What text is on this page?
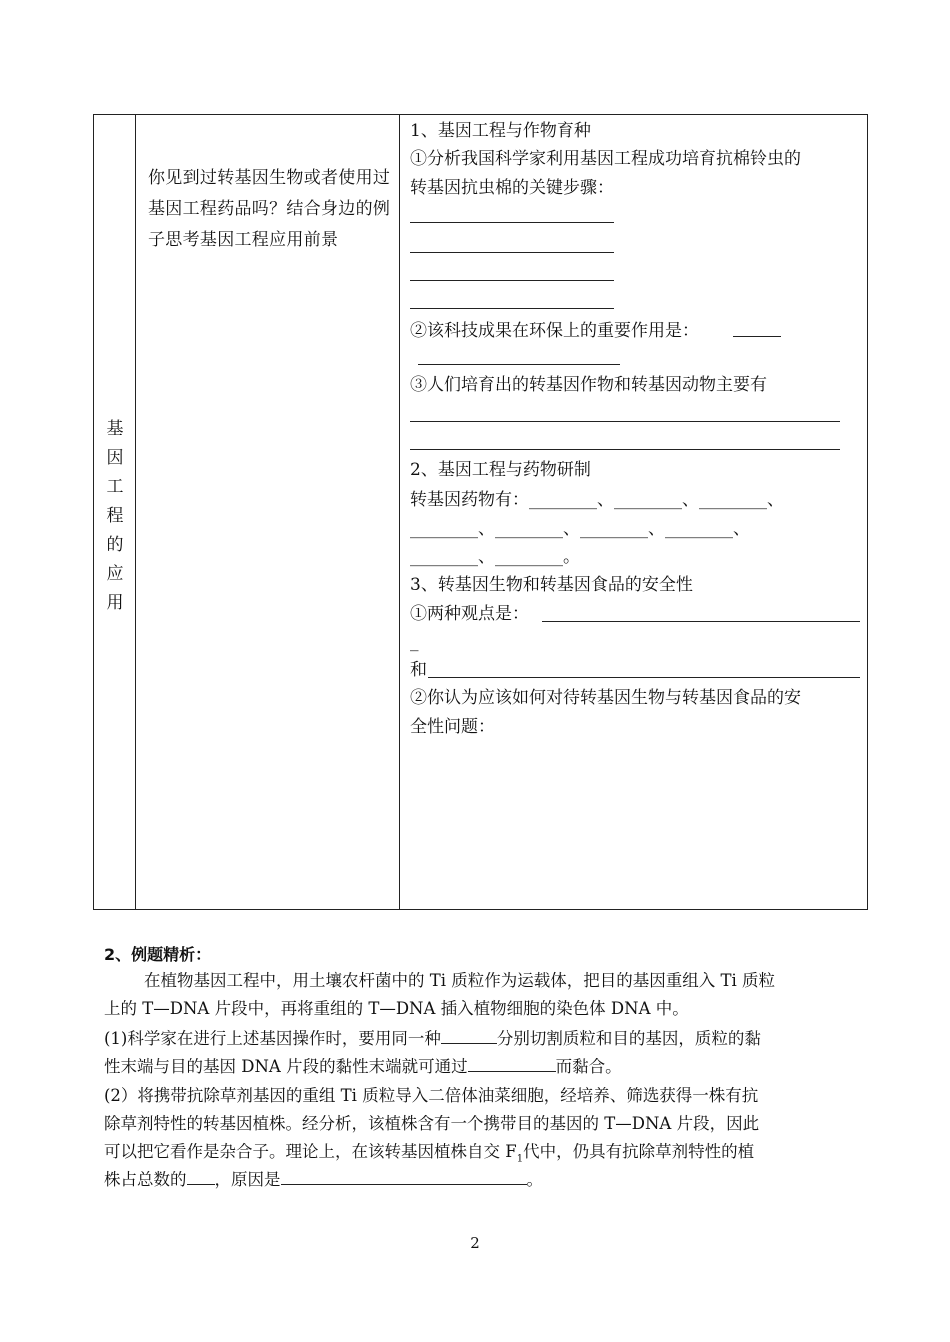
基
因
工
程
的
应
用
你见到过转基因生物或者使用过基因工程药品吗？结合身边的例子思考基因工程应用前景
1、基因工程与作物育种
①分析我国科学家利用基因工程成功培育抗棉铃虫的
转基因抗虫棉的关键步骤：
②该科技成果在环保上的重要作用是：
③人们培育出的转基因作物和转基因动物主要有
2、基因工程与药物研制
转基因药物有：________、________、________、
________、________、________、________、
________、________。
3、转基因生物和转基因食品的安全性
①两种观点是：
_
和
②你认为应该如何对待转基因生物与转基因食品的安
全性问题：
2、例题精析：
在植物基因工程中，用土壤农杆菌中的 Ti 质粒作为运载体，把目的基因重组入 Ti 质粒
上的 T—DNA 片段中，再将重组的 T—DNA 插入植物细胞的染色体 DNA 中。
(1)科学家在进行上述基因操作时，要用同一种	分别切割质粒和目的基因，质粒的黏
性末端与目的基因 DNA 片段的黏性末端就可通过	而黏合。
(2）将携带抗除草剂基因的重组 Ti 质粒导入二倍体油菜细胞，经培养、筛选获得一株有抗
除草剂特性的转基因植株。经分析，该植株含有一个携带目的基因的 T—DNA 片段，因此
可以把它看作是杂合子。理论上，在该转基因植株自交 $F_1$代中，仍具有抗除草剂特性的植
株占总数的 ，原因是	。
2
